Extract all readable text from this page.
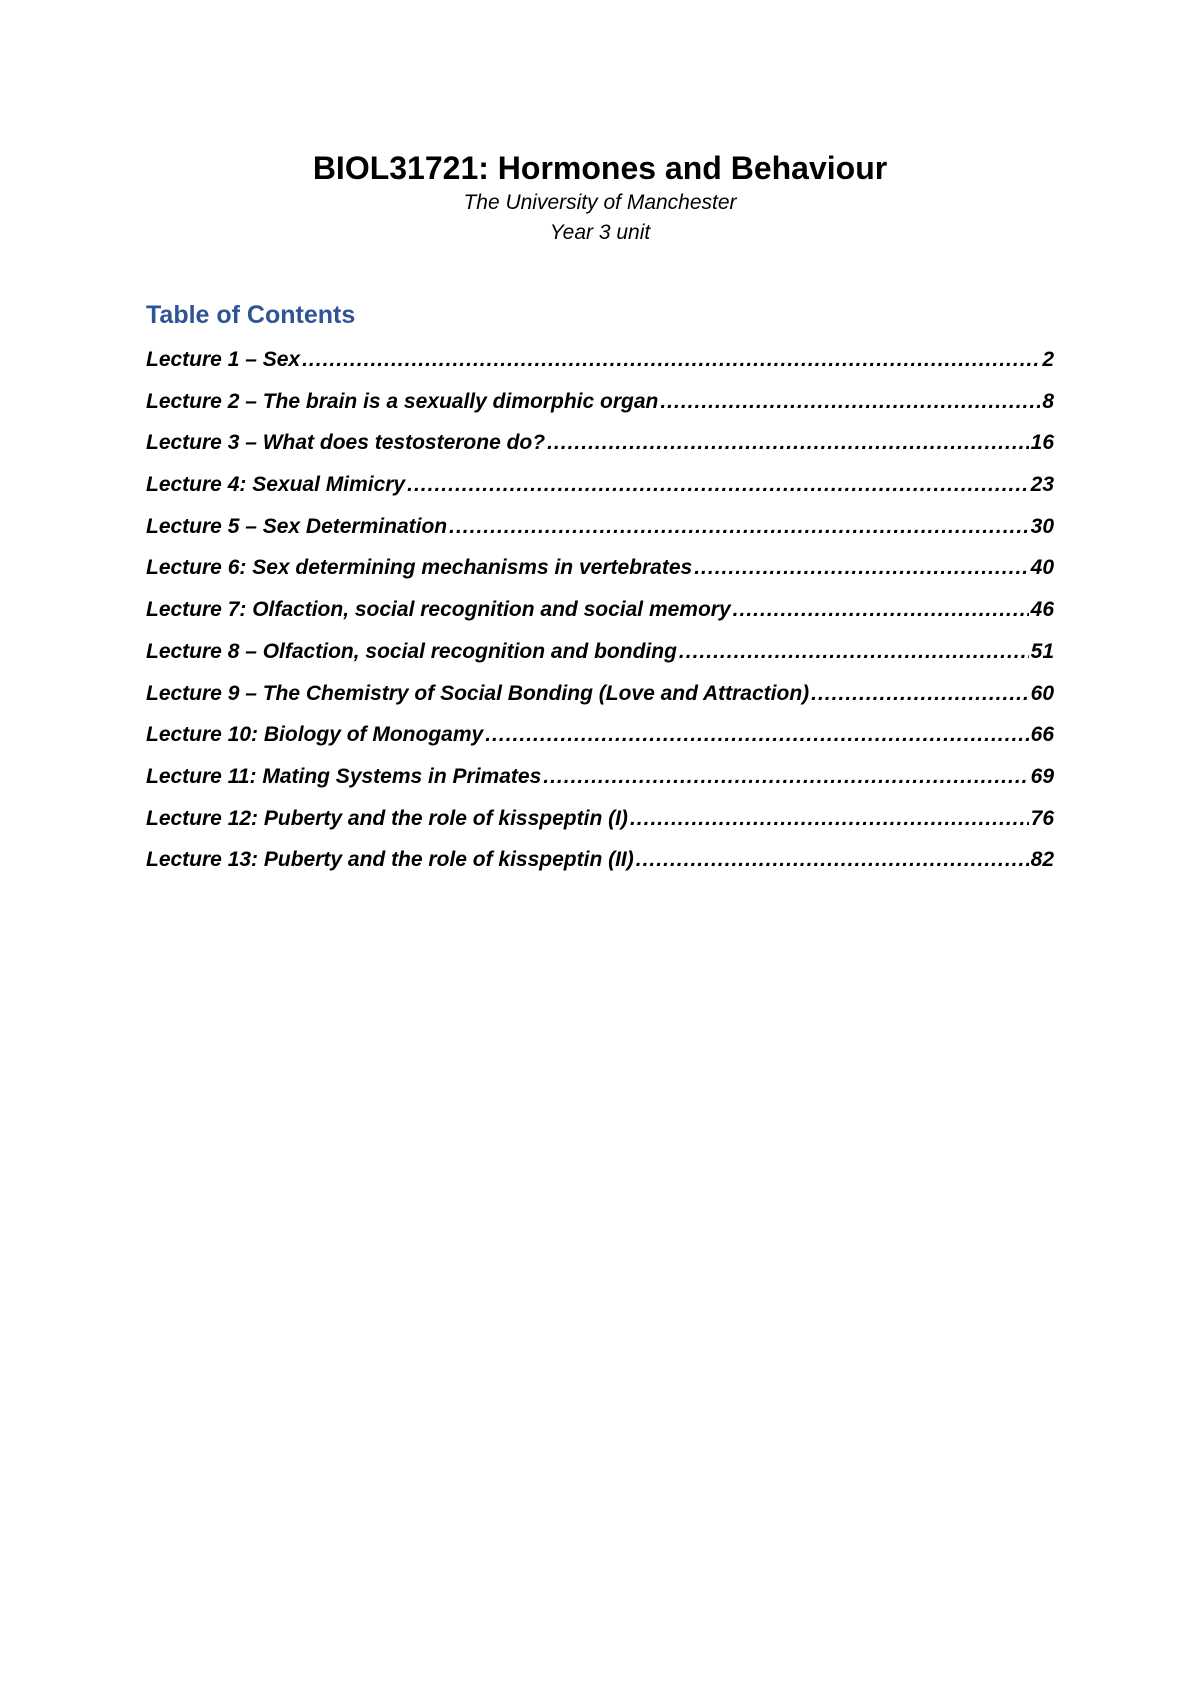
BIOL31721: Hormones and Behaviour

The University of Manchester

Year 3 unit

Table of Contents
Lecture 1 – Sex .....	2
Lecture 2 – The brain is a sexually dimorphic organ .....	8
Lecture 3 – What does testosterone do? .....	16
Lecture 4: Sexual Mimicry .....	23
Lecture 5 – Sex Determination .....	30
Lecture 6: Sex determining mechanisms in vertebrates .....	40
Lecture 7: Olfaction, social recognition and social memory .....	46
Lecture 8 – Olfaction, social recognition and bonding .....	51
Lecture 9 – The Chemistry of Social Bonding (Love and Attraction) .....	60
Lecture 10: Biology of Monogamy .....	66
Lecture 11: Mating Systems in Primates .....	69
Lecture 12: Puberty and the role of kisspeptin (I) .....	76
Lecture 13: Puberty and the role of kisspeptin (II) .....	82
